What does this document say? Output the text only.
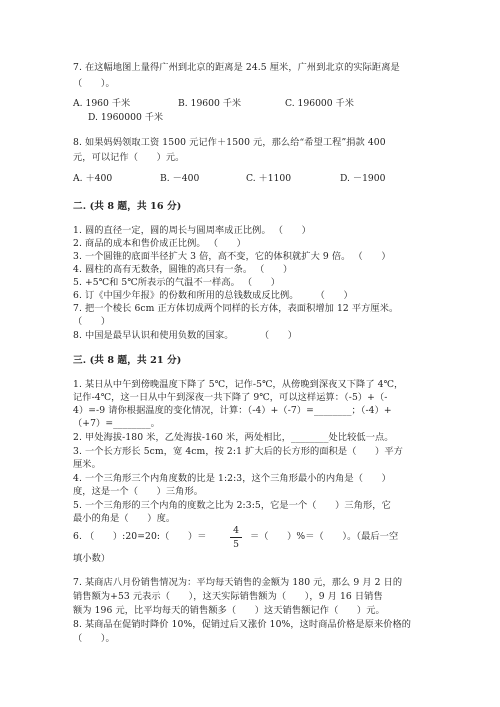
7. 在这幅地图上量得广州到北京的距离是 24.5 厘米，广州到北京的实际距离是
（　　）。
A. 1960 千米	B. 19600 千米	C. 196000 千米
D. 1960000 千米
8. 如果妈妈领取工资 1500 元记作＋1500 元，那么给“希望工程”捐款 400
元，可以记作（　　）元。
A. ＋400	B. －400	C. ＋1100	D. －1900
二. (共 8 题，共 16 分)
1. 圆的直径一定，圆的周长与圆周率成正比例。 （　　）
2. 商品的成本和售价成正比例。 （　　）
3. 一个圆锥的底面半径扩大 3 倍，高不变，它的体积就扩大 9 倍。 （　　）
4. 圆柱的高有无数条，圆锥的高只有一条。 （　　）
5. +5℃和 5℃所表示的气温不一样高。 （　　）
6. 订《中国少年报》的份数和所用的总钱数成反比例。　　 （　　）
7. 把一个棱长 6cm 正方体切成两个同样的长方体，表面积增加 12 平方厘米。
（　　）
8. 中国是最早认识和使用负数的国家。　　　 （　　）
三. (共 8 题，共 21 分)
1. 某日从中午到傍晚温度下降了 5℃，记作-5℃，从傍晚到深夜又下降了 4℃，
记作-4℃，这一日从中午到深夜一共下降了 9℃，可以这样运算：（-5）+（-
4）=-9 请你根据温度的变化情况，计算：（-4）+（-7）=________；（-4）+
（+7）=________。
2. 甲处海拔-180 米，乙处海拔-160 米，两处相比，________处比较低一点。
3. 一个长方形长 5cm，宽 4cm，按 2:1 扩大后的长方形的面积是（　　）平方
厘米。
4. 一个三角形三个内角度数的比是 1:2:3，这个三角形最小的内角是（　　）
度，这是一个（　　）三角形。
5. 一个三角形的三个内角的度数之比为 2:3:5，它是一个（　　）三角形，它
最小的角是（　　）度。
6. （　　）:20=20:（　　）＝
4
5
＝（　　）%＝（　　）。（最后一空
填小数）
7. 某商店八月份销售情况为：平均每天销售的金额为 180 元，那么 9 月 2 日的
销售额为+53 元表示（　　），这天实际销售额为（　　），9 月 16 日销售
额为 196 元，比平均每天的销售额多（　　）这天销售额记作（　　）元。
8. 某商品在促销时降价 10%，促销过后又涨价 10%，这时商品价格是原来价格的
（　　）。
